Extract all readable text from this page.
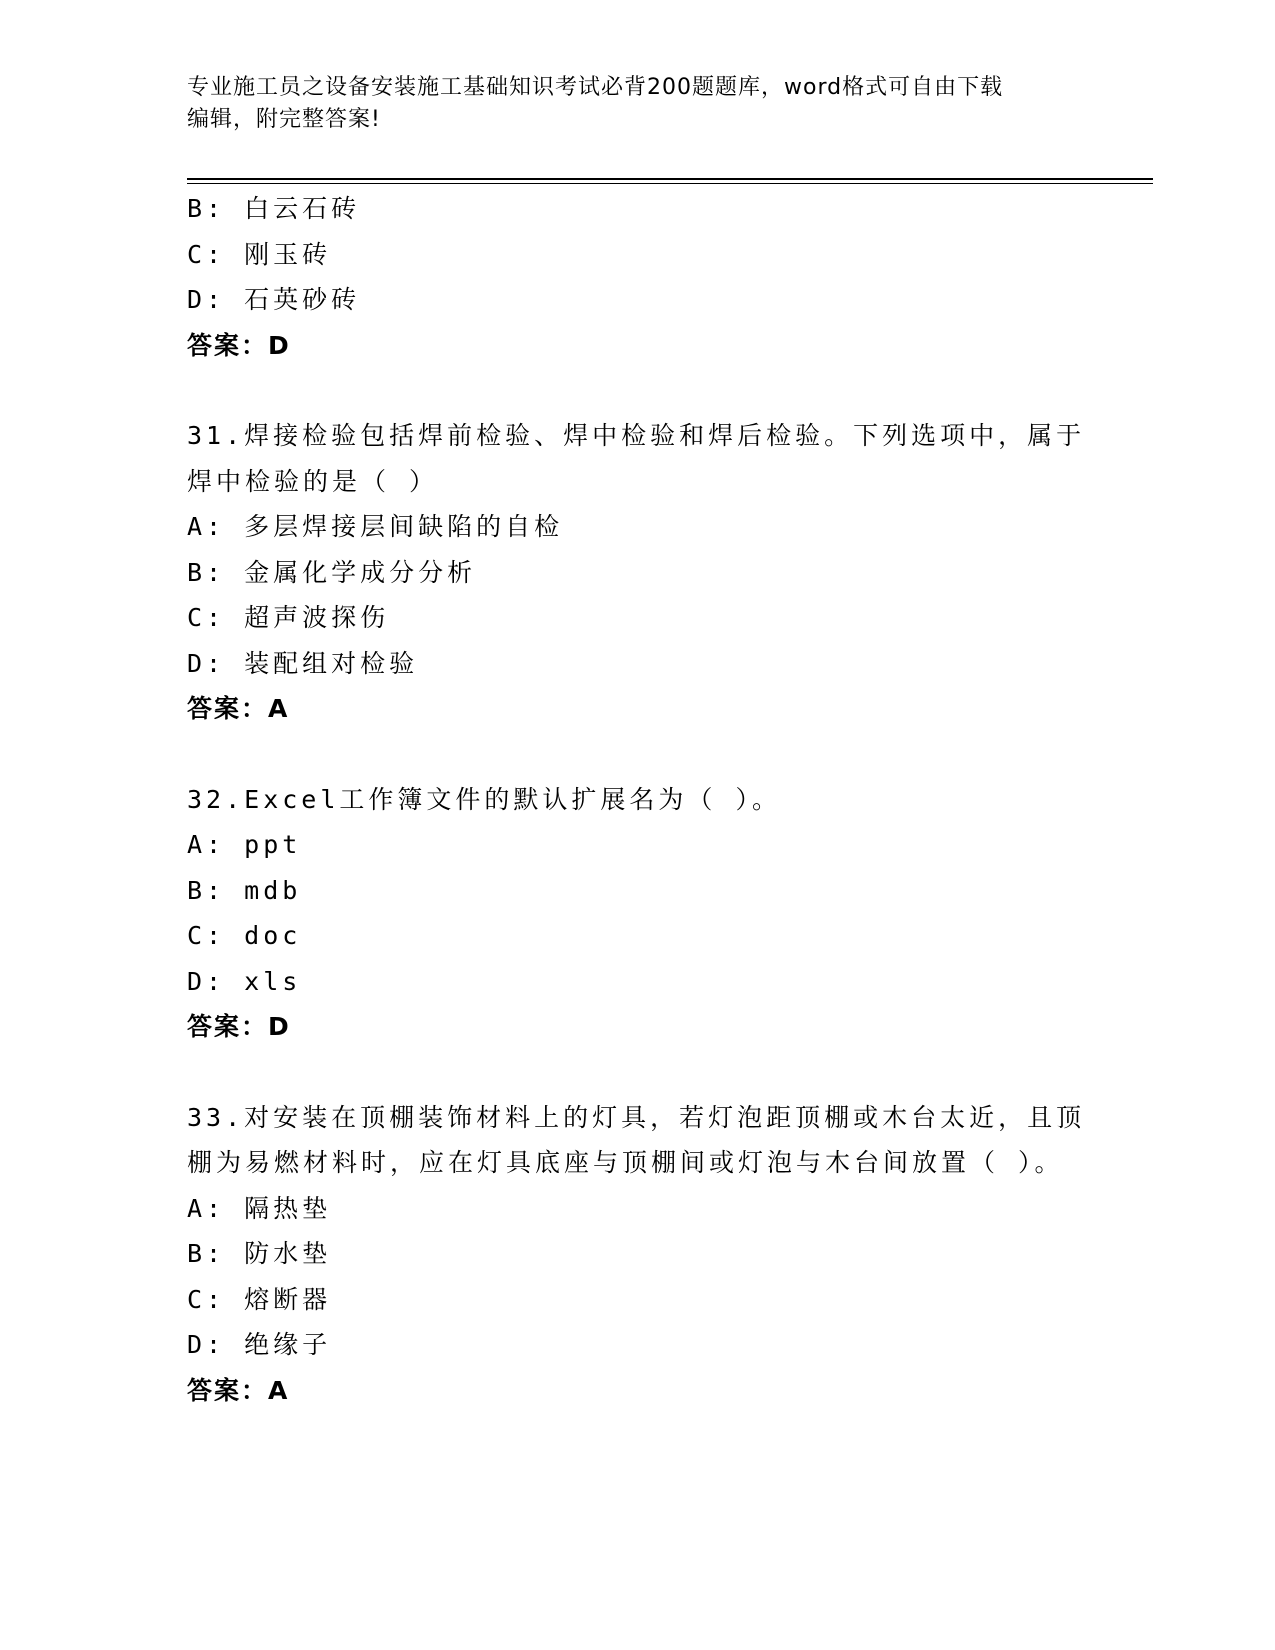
专业施工员之设备安装施工基础知识考试必背200题题库，word格式可自由下载
编辑，附完整答案!
B: 白云石砖
C: 刚玉砖
D: 石英砂砖
答案：D
31.焊接检验包括焊前检验、焊中检验和焊后检验。下列选项中，属于
焊中检验的是（ ）
A: 多层焊接层间缺陷的自检
B: 金属化学成分分析
C: 超声波探伤
D: 装配组对检验
答案：A
32.Excel工作簿文件的默认扩展名为（ ）。
A: ppt
B: mdb
C: doc
D: xls
答案：D
33.对安装在顶棚装饰材料上的灯具，若灯泡距顶棚或木台太近，且顶
棚为易燃材料时，应在灯具底座与顶棚间或灯泡与木台间放置（ ）。
A: 隔热垫
B: 防水垫
C: 熔断器
D: 绝缘子
答案：A
